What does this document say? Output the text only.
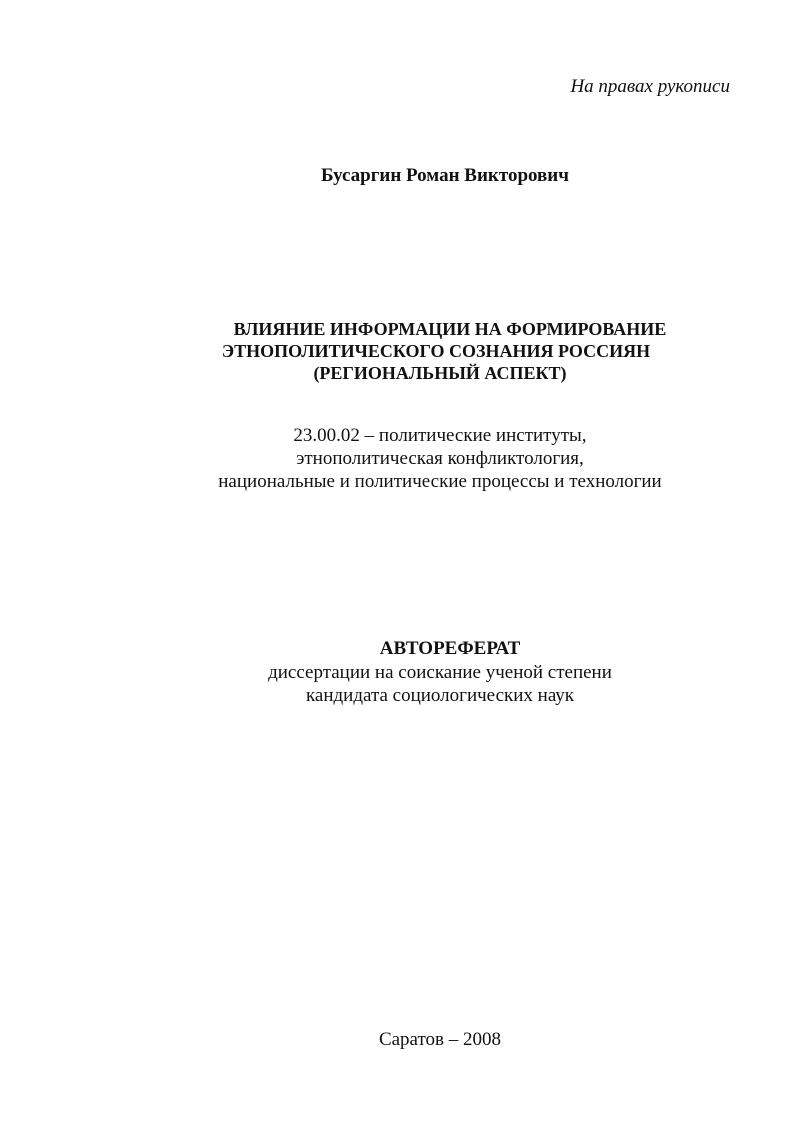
На правах рукописи
Бусаргин Роман Викторович
ВЛИЯНИЕ ИНФОРМАЦИИ НА ФОРМИРОВАНИЕ
ЭТНОПОЛИТИЧЕСКОГО СОЗНАНИЯ РОССИЯН
(РЕГИОНАЛЬНЫЙ АСПЕКТ)
23.00.02 – политические институты,
этнополитическая конфликтология,
национальные и политические процессы и технологии
АВТОРЕФЕРАТ
диссертации на соискание ученой степени
кандидата социологических наук
Саратов – 2008
